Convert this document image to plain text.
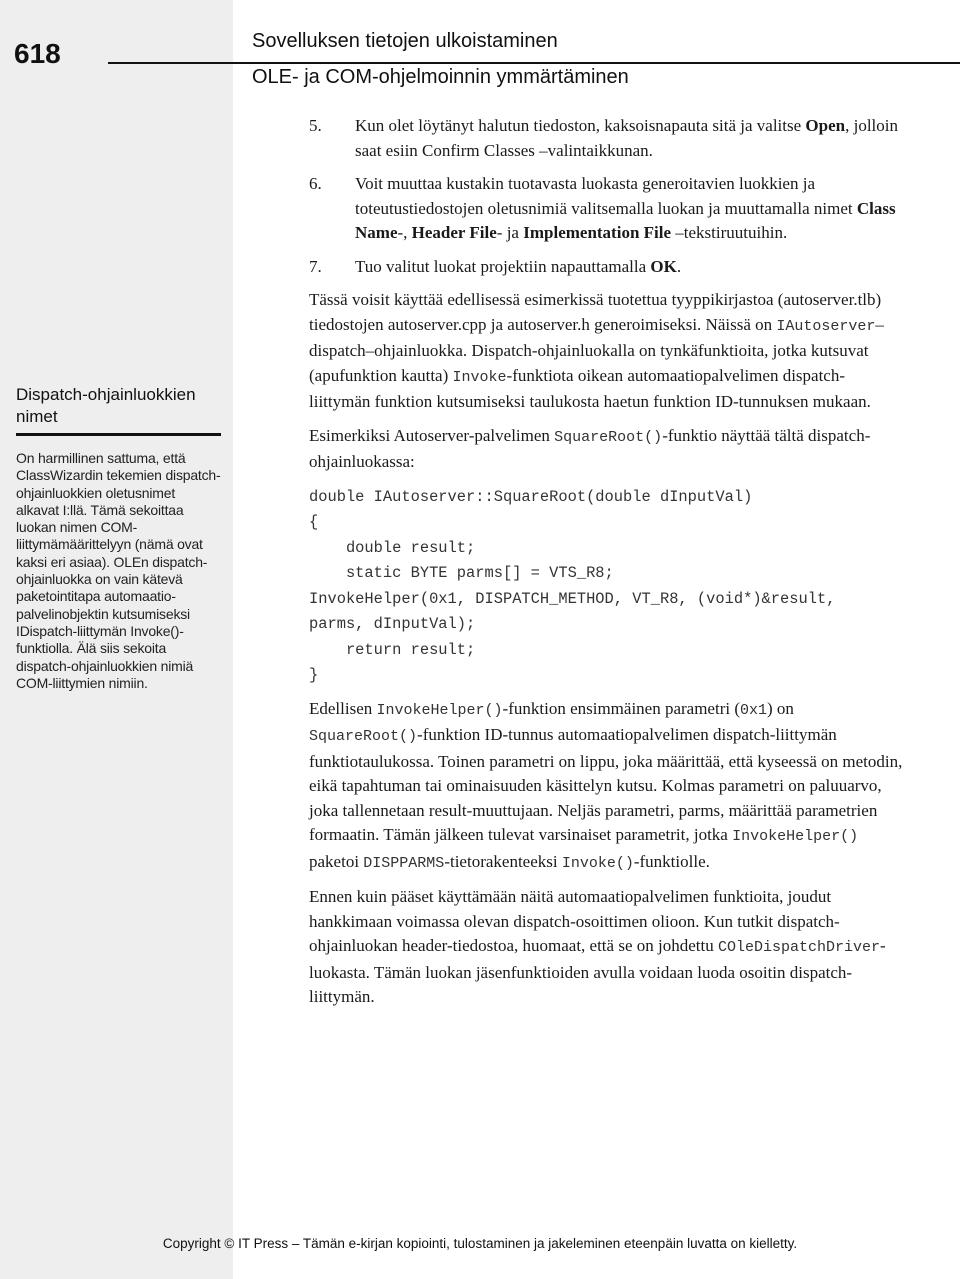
618	Sovelluksen tietojen ulkoistaminen
OLE- ja COM-ohjelmoinnin ymmärtäminen
Dispatch-ohjainluokkien nimet
On harmillinen sattuma, että ClassWizardin tekemien dispatch-ohjainluokkien oletusnimet alkavat I:llä. Tämä sekoittaa luokan nimen COM-liittymämäärittelyyn (nämä ovat kaksi eri asiaa). OLEn dispatch-ohjainluokka on vain kätevä paketointitapa automaatio-palvelinobjektin kutsumiseksi IDispatch-liittymän Invoke()-funktiolla. Älä siis sekoita dispatch-ohjainluokkien nimiä COM-liittymien nimiin.
5. Kun olet löytänyt halutun tiedoston, kaksoisnapauta sitä ja valitse Open, jolloin saat esiin Confirm Classes –valintaikkunan.
6. Voit muuttaa kustakin tuotavasta luokasta generoitavien luokkien ja toteutustiedostojen oletusnimiä valitsemalla luokan ja muuttamalla nimet Class Name-, Header File- ja Implementation File –tekstiruutuihin.
7. Tuo valitut luokat projektiin napauttamalla OK.

Tässä voisit käyttää edellisessä esimerkissä tuotettua tyyppikirjastoa (autoserver.tlb) tiedostojen autoserver.cpp ja autoserver.h generoimiseksi. Näissä on IAutoserver–dispatch–ohjainluokka. Dispatch-ohjainluokalla on tynkäfunktioita, jotka kutsuvat (apufunktion kautta) Invoke-funktiota oikean automaatiopalvelimen dispatch-liittymän funktion kutsumiseksi taulukosta haetun funktion ID-tunnuksen mukaan.

Esimerkiksi Autoserver-palvelimen SquareRoot()-funktio näyttää tältä dispatch-ohjainluokassa:

double IAutoserver::SquareRoot(double dInputVal)
{
double result;
static BYTE parms[] = VTS_R8;
InvokeHelper(0x1, DISPATCH_METHOD, VT_R8, (void*)&result,
parms, dInputVal);
return result;
}

Edellisen InvokeHelper()-funktion ensimmäinen parametri (0x1) on SquareRoot()-funktion ID-tunnus automaatiopalvelimen dispatch-liittymän funktiotaulukossa. Toinen parametri on lippu, joka määrittää, että kyseessä on metodin, eikä tapahtuman tai ominaisuuden käsittelyn kutsu. Kolmas parametri on paluuarvo, joka tallennetaan result-muuttujaan. Neljäs parametri, parms, määrittää parametrien formaatin. Tämän jälkeen tulevat varsinaiset parametrit, jotka InvokeHelper() paketoi DISPPARMS-tietorakenteeksi Invoke()-funktiolle.

Ennen kuin pääset käyttämään näitä automaatiopalvelimen funktioita, joudut hankkimaan voimassa olevan dispatch-osoittimen olioon. Kun tutkit dispatch-ohjainluokan header-tiedostoa, huomaat, että se on johdettu COleDispatchDriver-luokasta. Tämän luokan jäsenfunktioiden avulla voidaan luoda osoitin dispatch-liittymän.

Copyright © IT Press – Tämän e-kirjan kopiointi, tulostaminen ja jakeleminen eteenpäin luvatta on kielletty.
